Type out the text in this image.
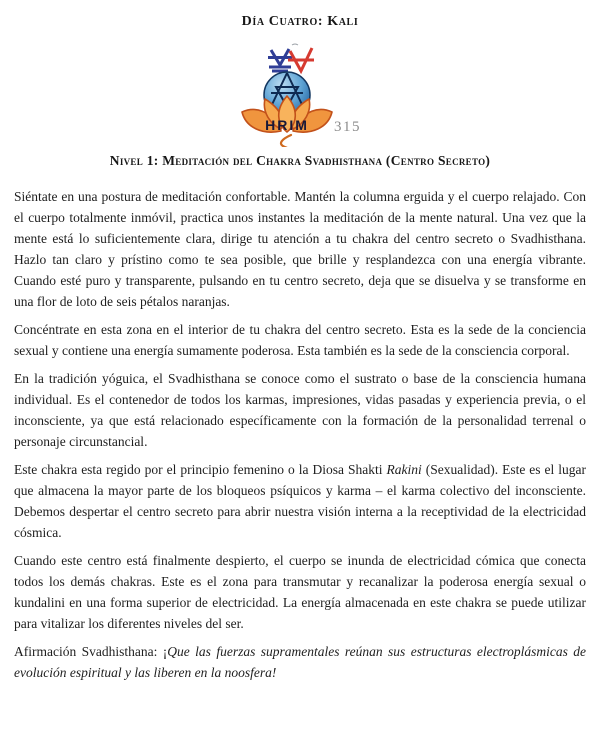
Día Cuatro: Kali
HRIM	315
Nivel 1: Meditación del Chakra Svadhisthana (Centro Secreto)

Siéntate en una postura de meditación confortable. Mantén la columna erguida y el cuerpo relajado. Con el cuerpo totalmente inmóvil, practica unos instantes la meditación de la mente natural. Una vez que la mente está lo suficientemente clara, dirige tu atención a tu chakra del centro secreto o Svadhisthana. Hazlo tan claro y prístino como te sea posible, que brille y resplandezca con una energía vibrante. Cuando esté puro y transparente, pulsando en tu centro secreto, deja que se disuelva y se transforme en una flor de loto de seis pétalos naranjas.

Concéntrate en esta zona en el interior de tu chakra del centro secreto. Esta es la sede de la conciencia sexual y contiene una energía sumamente poderosa. Esta también es la sede de la consciencia corporal.

En la tradición yóguica, el Svadhisthana se conoce como el sustrato o base de la consciencia humana individual. Es el contenedor de todos los karmas, impresiones, vidas pasadas y experiencia previa, o el inconsciente, ya que está relacionado específicamente con la formación de la personalidad terrenal o personaje circunstancial.

Este chakra esta regido por el principio femenino o la Diosa Shakti Rakini (Sexualidad). Este es el lugar que almacena la mayor parte de los bloqueos psíquicos y karma – el karma colectivo del inconsciente. Debemos despertar el centro secreto para abrir nuestra visión interna a la receptividad de la electricidad cósmica.

Cuando este centro está finalmente despierto, el cuerpo se inunda de electricidad cómica que conecta todos los demás chakras. Este es el zona para transmutar y recanalizar la poderosa energía sexual o kundalini en una forma superior de electricidad. La energía almacenada en este chakra se puede utilizar para vitalizar los diferentes niveles del ser.

Afirmación Svadhisthana: ¡Que las fuerzas supramentales reúnan sus estructuras electroplásmicas de evolución espiritual y las liberen en la noosfera!
